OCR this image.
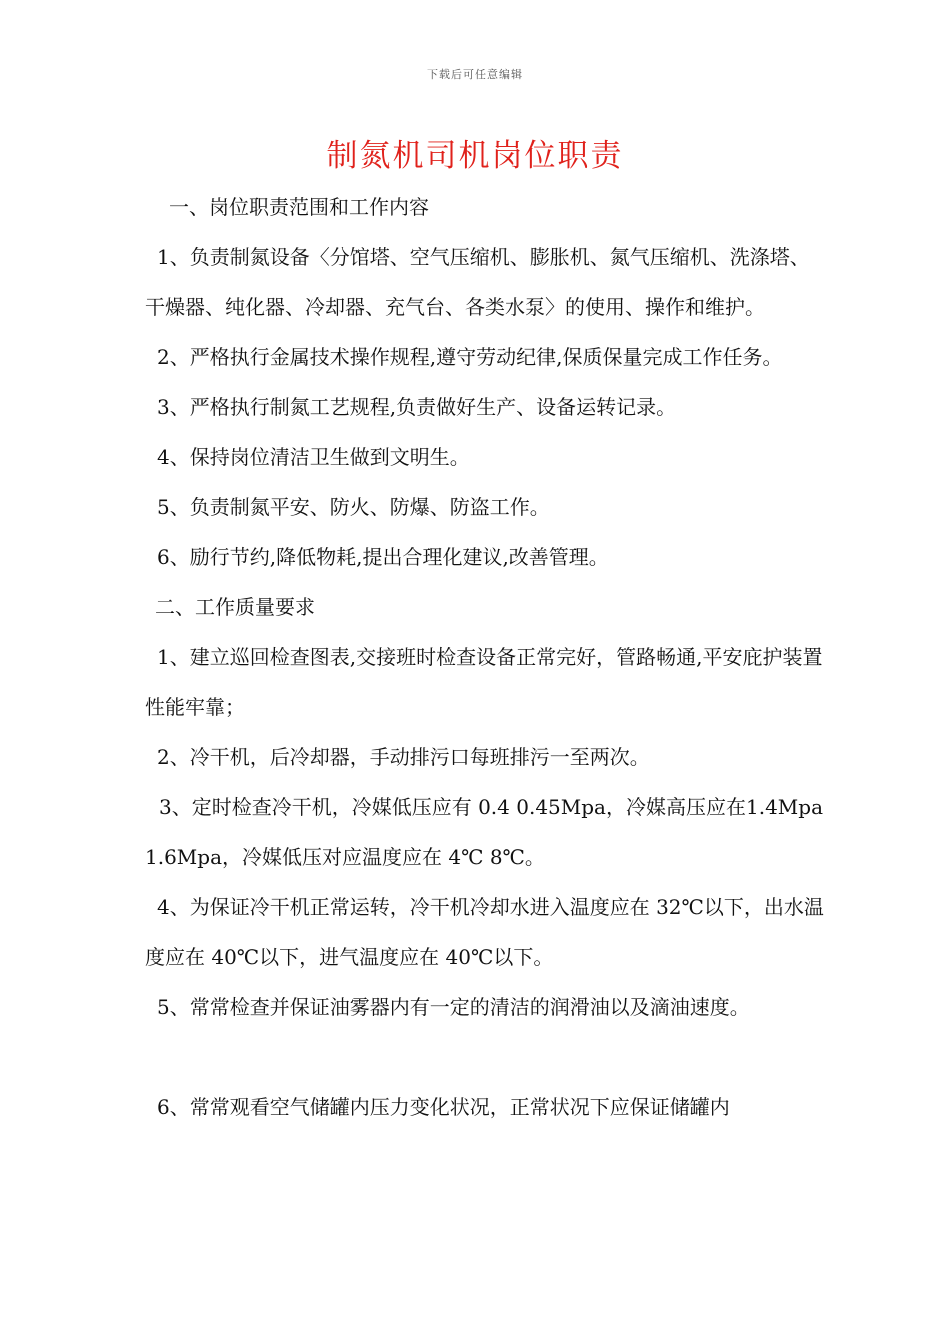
下载后可任意编辑
制氮机司机岗位职责

一、岗位职责范围和工作内容

1、负责制氮设备〈分馆塔、空气压缩机、膨胀机、氮气压缩机、洗涤塔、干燥器、纯化器、冷却器、充气台、各类水泵〉的使用、操作和维护。

2、严格执行金属技术操作规程,遵守劳动纪律,保质保量完成工作任务。

3、严格执行制氮工艺规程,负责做好生产、设备运转记录。

4、保持岗位清洁卫生做到文明生。

5、负责制氮平安、防火、防爆、防盗工作。

6、励行节约,降低物耗,提出合理化建议,改善管理。

二、工作质量要求

1、建立巡回检查图表,交接班时检查设备正常完好，管路畅通,平安庇护装置性能牢靠；

2、冷干机，后冷却器，手动排污口每班排污一至两次。

3、定时检查冷干机，冷媒低压应有 0.4 0.45Mpa，冷媒高压应在1.4Mpa 1.6Mpa，冷媒低压对应温度应在 4℃ 8℃。

4、为保证冷干机正常运转，冷干机冷却水进入温度应在 32℃以下，出水温度应在 40℃以下，进气温度应在 40℃以下。

5、常常检查并保证油雾器内有一定的清洁的润滑油以及滴油速度。

6、常常观看空气储罐内压力变化状况，正常状况下应保证储罐内
